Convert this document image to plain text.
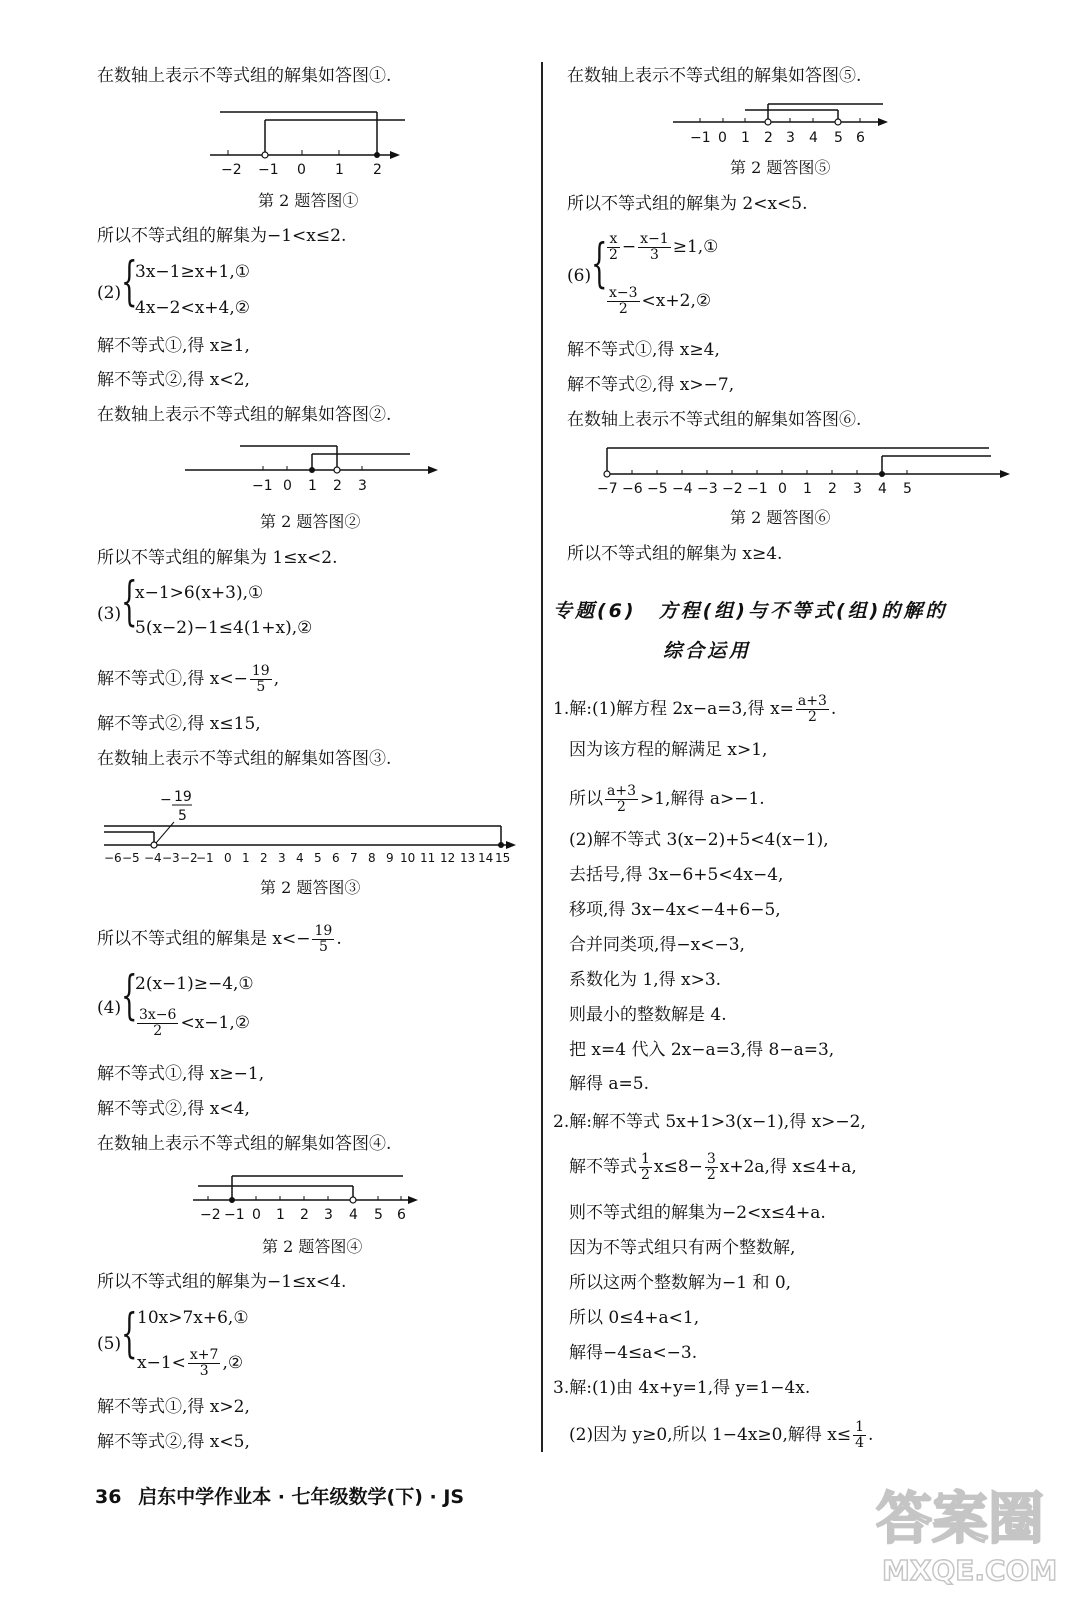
在数轴上表示不等式组的解集如答图①.
−2 −1 0 1 2
第 2 题答图①
所以不等式组的解集为−1<x≤2.
(2) {
3x−1≥x+1,①
4x−2<x+4,②
解不等式①,得 x≥1,
解不等式②,得 x<2,
在数轴上表示不等式组的解集如答图②.
−1 0 1 2 3
第 2 题答图②
所以不等式组的解集为 1≤x<2.
(3) {
x−1>6(x+3),①
5(x−2)−1≤4(1+x),②
解不等式①,得 $x<- \frac{19}{5}$ ,
解不等式②,得 x≤15,
在数轴上表示不等式组的解集如答图③.
− 19
5
−6 −5 −4 −3 −2
−1 0 1 2 3 4 5 6 7 8 9 10 11 12 13 14 15
第 2 题答图③
所以不等式组的解集是 $x<- \frac{19}{5}$ .
(4) {
2(x−1)≥−4,①
$\frac{3x-6}{2}$ <x−1,②
解不等式①,得 x≥−1,
解不等式②,得 x<4,
在数轴上表示不等式组的解集如答图④.
−2 −1 0 1 2 3 4 5 6
第 2 题答图④
所以不等式组的解集为−1≤x<4.
(5) { 10x>7x+6,①
$x-1< \frac{x+7}{3}$ ,②
解不等式①,得 x>2,
解不等式②,得 x<5,
在数轴上表示不等式组的解集如答图⑤.
−1 0 1 2 3 4 5 6
第 2 题答图⑤
所以不等式组的解集为 2<x<5.
(6) { $\frac{x}{2} - \frac{x-1}{3}$ ≥1,①
$\frac{x-3}{2}$ <x+2,②
解不等式①,得 x≥4,
解不等式②,得 x>−7,
在数轴上表示不等式组的解集如答图⑥.
−7 −6 −5 −4 −3 −2 −1 0 1 2 3 4 5
第 2 题答图⑥
所以不等式组的解集为 x≥4.
专题(6)　方程(组)与不等式(组)的解的
综合运用
1.解:(1)解方程 2x−a=3,得 $x= \frac{a+3}{2}$ .
因为该方程的解满足 x>1,
所以 $\frac{a+3}{2} >1$,解得 a>−1.
(2)解不等式 3(x−2)+5<4(x−1),
去括号,得 3x−6+5<4x−4,
移项,得 3x−4x<−4+6−5,
合并同类项,得−x<−3,
系数化为 1,得 x>3.
则最小的整数解是 4.
把 x=4 代入 2x−a=3,得 8−a=3,
解得 a=5.
2.解:解不等式 5x+1>3(x−1),得 x>−2,
解不等式 $\frac{1}{2} x\le 8- \frac{3}{2} x+2a$,得 x≤4+a,
则不等式组的解集为−2<x≤4+a.
因为不等式组只有两个整数解,
所以这两个整数解为−1 和 0,
所以 0≤4+a<1,
解得−4≤a<−3.
3.解:(1)由 4x+y=1,得 y=1−4x.
(2)因为 y≥0,所以 1−4x≥0,解得 $x\le \frac{1}{4}$ .
36 启东中学作业本 · 七年级数学(下) · JS	答案圈
MXQE.COM
